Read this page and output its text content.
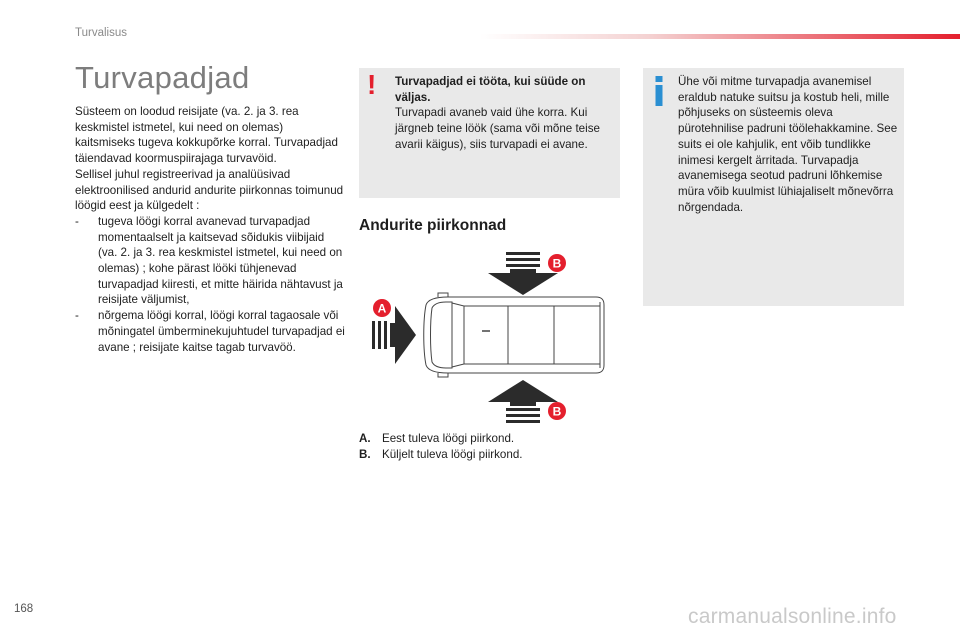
Turvalisus
Turvapadjad

Süsteem on loodud reisijate (va. 2. ja 3. rea keskmistel istmetel, kui need on olemas) kaitsmiseks tugeva kokkupõrke korral. Turvapadjad täiendavad koormuspiirajaga turvavöid.

Sellisel juhul registreerivad ja analüüsivad elektroonilised andurid andurite piirkonnas toimunud löögid eest ja külgedelt :

- tugeva löögi korral avanevad turvapadjad momentaalselt ja kaitsevad sõidukis viibijaid (va. 2. ja 3. rea keskmistel istmetel, kui need on olemas) ; kohe pärast lööki tühjenevad turvapadjad kiiresti, et mitte häirida nähtavust ja reisijate väljumist,
- nõrgema löögi korral, löögi korral tagaosale või mõningatel ümberminekujuhtudel turvapadjad ei avane ; reisijate kaitse tagab turvavöö.
! Turvapadjad ei tööta, kui süüde on väljas.

Turvapadi avaneb vaid ühe korra. Kui järgneb teine löök (sama või mõne teise avarii käigus), siis turvapadi ei avane.

Andurite piirkonnad
B
B
A
A. Eest tuleva löögi piirkond.
B. Küljelt tuleva löögi piirkond.
Ühe või mitme turvapadja avanemisel eraldub natuke suitsu ja kostub heli, mille põhjuseks on süsteemis oleva pürotehnilise padruni töölehakkamine. See suits ei ole kahjulik, ent võib tundlikke inimesi kergelt ärritada. Turvapadja avanemisega seotud padruni lõhkemise müra võib kuulmist lühiajaliselt mõnevõrra nõrgendada.
168	carmanualsonline.info
